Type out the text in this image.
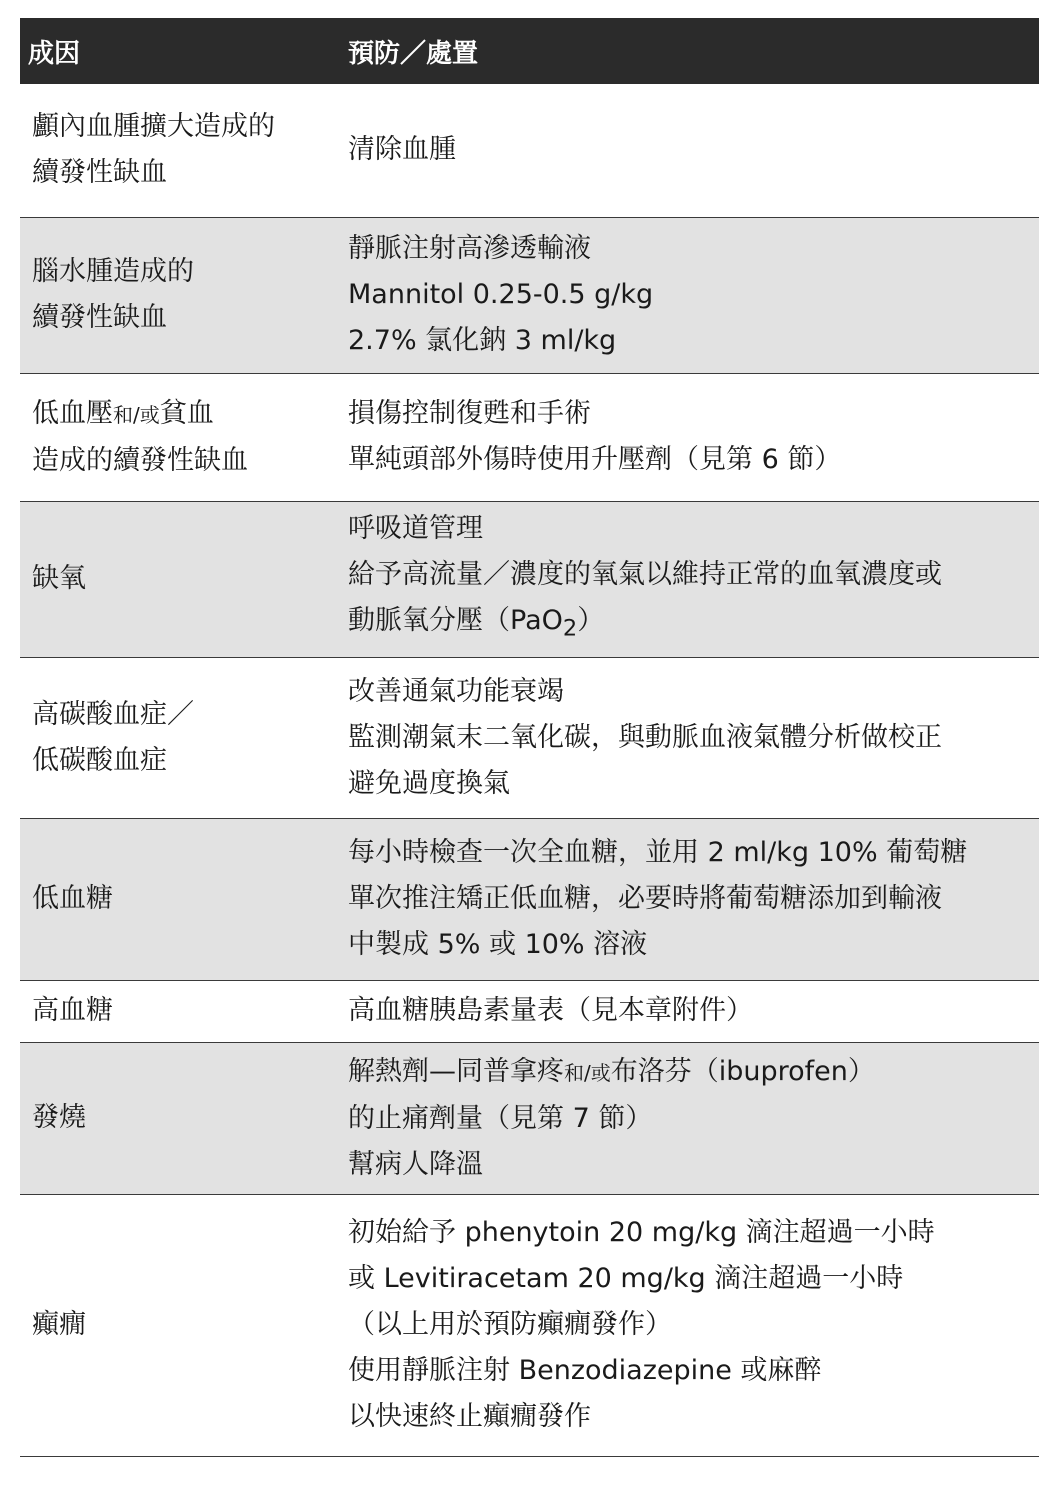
成因	預防／處置

顱內血腫擴大造成的
續發性缺血	清除血腫

腦水腫造成的
續發性缺血	靜脈注射高滲透輸液
Mannitol 0.25-0.5 g/kg
2.7% 氯化鈉 3 ml/kg

低血壓和/或貧血
造成的續發性缺血	損傷控制復甦和手術
單純頭部外傷時使用升壓劑（見第 6 節）

缺氧	呼吸道管理
給予高流量／濃度的氧氣以維持正常的血氧濃度或
動脈氧分壓（PaO$_2$）

高碳酸血症／
低碳酸血症	改善通氣功能衰竭
監測潮氣末二氧化碳，與動脈血液氣體分析做校正
避免過度換氣

低血糖	每小時檢查一次全血糖，並用 2 ml/kg 10% 葡萄糖
單次推注矯正低血糖，必要時將葡萄糖添加到輸液
中製成 5% 或 10% 溶液

高血糖	高血糖胰島素量表（見本章附件）

發燒	解熱劑—同普拿疼和/或布洛芬（ibuprofen）
的止痛劑量（見第 7 節）
幫病人降溫

癲癇	初始給予 phenytoin 20 mg/kg 滴注超過一小時
或 Levitiracetam 20 mg/kg 滴注超過一小時
（以上用於預防癲癇發作）
使用靜脈注射 Benzodiazepine 或麻醉
以快速終止癲癇發作
